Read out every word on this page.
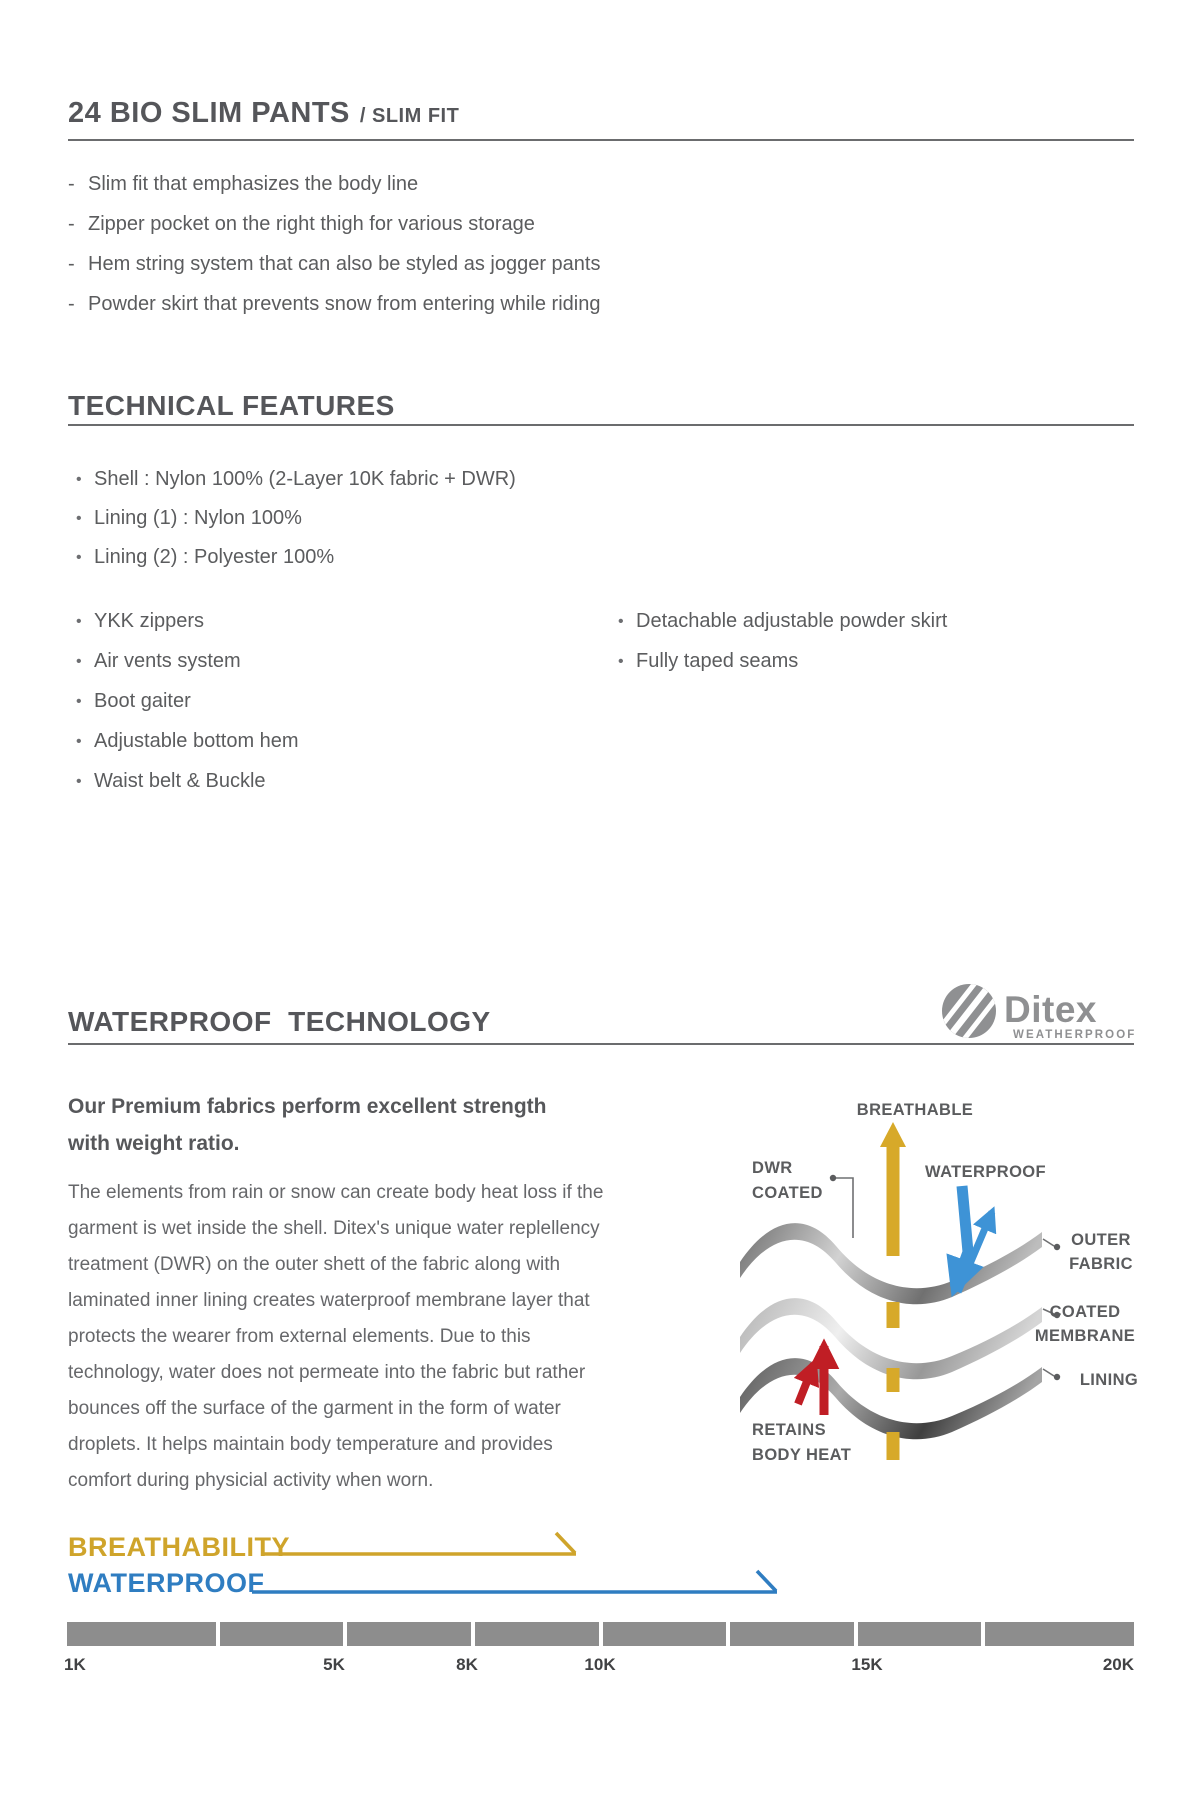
24 BIO SLIM PANTS / SLIM FIT
- Slim fit that emphasizes the body line
- Zipper pocket on the right thigh for various storage
- Hem string system that can also be styled as jogger pants
- Powder skirt that prevents snow from entering while riding
TECHNICAL FEATURES
• Shell : Nylon 100% (2-Layer 10K fabric + DWR)
• Lining (1) : Nylon 100%
• Lining (2) : Polyester 100%
• YKK zippers
• Air vents system
• Boot gaiter
• Adjustable bottom hem
• Waist belt & Buckle
• Detachable adjustable powder skirt
• Fully taped seams
WATERPROOF  TECHNOLOGY	Ditex
WEATHERPROOF
Our Premium fabrics perform excellent strength
with weight ratio.
The elements from rain or snow can create body heat loss if the
garment is wet inside the shell. Ditex's unique water replellency
treatment (DWR) on the outer shett of the fabric along with
laminated inner lining creates waterproof membrane layer that
protects the wearer from external elements. Due to this
technology, water does not permeate into the fabric but rather
bounces off the surface of the garment in the form of water
droplets. It helps maintain body temperature and provides
comfort during physicial activity when worn.
BREATHABLE
DWR
COATED
WATERPROOF
OUTER
FABRIC
COATED
MEMBRANE
LINING
RETAINS
BODY HEAT
BREATHABILITY
WATERPROOF
1K	5K	8K	10K	15K	20K
